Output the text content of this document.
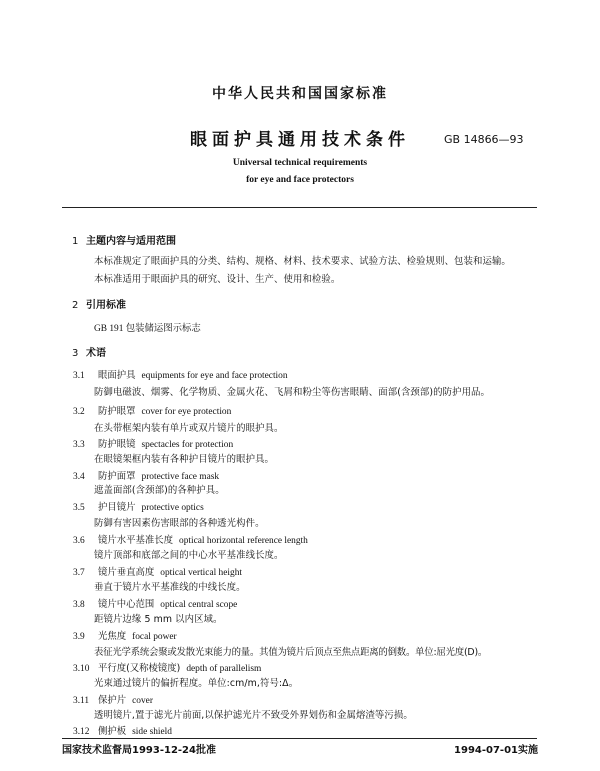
中华人民共和国国家标准
眼面护具通用技术条件	GB 14866—93
Universal technical requirements
for eye and face protectors
1 主题内容与适用范围
本标准规定了眼面护具的分类、结构、规格、材料、技术要求、试验方法、检验规则、包装和运输。
本标准适用于眼面护具的研究、设计、生产、使用和检验。
2 引用标准
GB 191 包装储运图示标志
3 术语
3.1 眼面护具 equipments for eye and face protection
防御电磁波、烟雾、化学物质、金属火花、飞屑和粉尘等伤害眼睛、面部(含颈部)的防护用品。
3.2 防护眼罩 cover for eye protection
在头带框架内装有单片或双片镜片的眼护具。
3.3 防护眼镜 spectacles for protection
在眼镜架框内装有各种护目镜片的眼护具。
3.4 防护面罩 protective face mask
遮盖面部(含颈部)的各种护具。
3.5 护目镜片 protective optics
防御有害因素伤害眼部的各种透光构件。
3.6 镜片水平基准长度 optical horizontal reference length
镜片顶部和底部之间的中心水平基准线长度。
3.7 镜片垂直高度 optical vertical height
垂直于镜片水平基准线的中线长度。
3.8 镜片中心范围 optical central scope
距镜片边缘 5 mm 以内区域。
3.9 光焦度 focal power
表征光学系统会聚或发散光束能力的量。其值为镜片后顶点至焦点距离的倒数。单位:屈光度(D)。
3.10 平行度(又称棱镜度) depth of parallelism
光束通过镜片的偏折程度。单位:cm/m,符号:Δ。
3.11 保护片 cover
透明镜片,置于滤光片前面,以保护滤光片不致受外界划伤和金属熔渣等污损。
3.12 侧护板 side shield
国家技术监督局1993-12-24批准	1994-07-01实施
